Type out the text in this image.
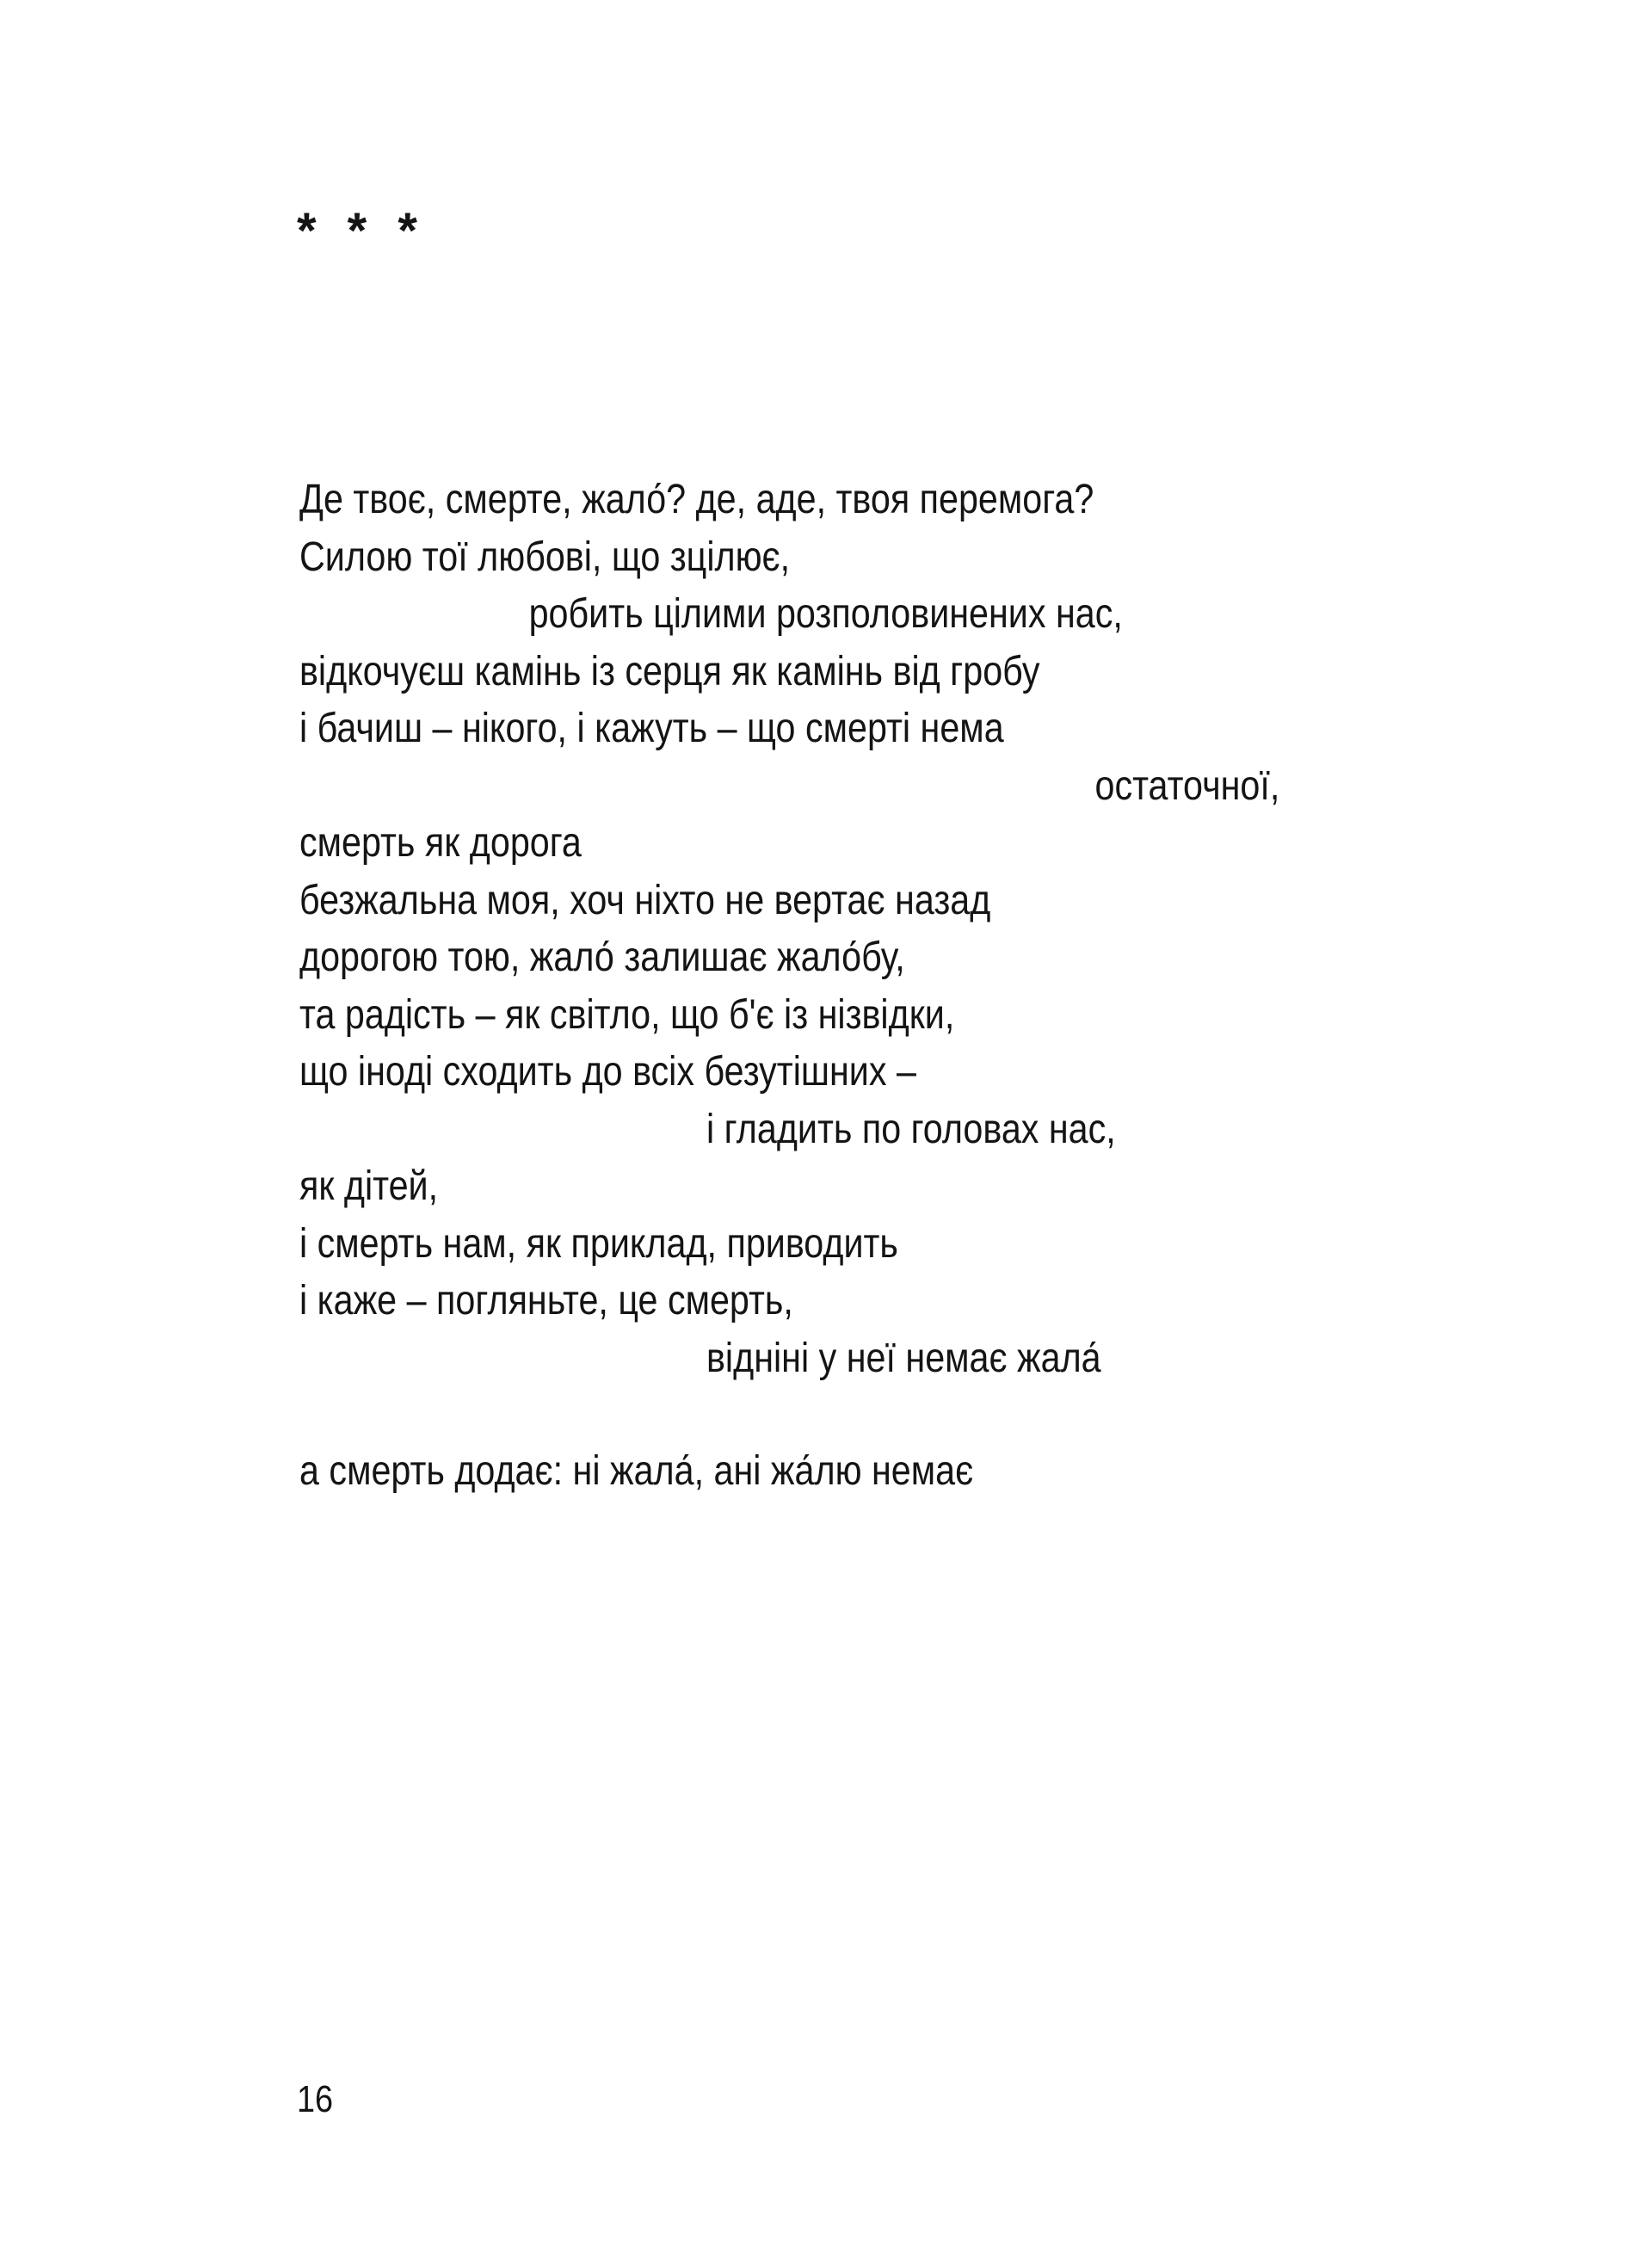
* * *
Де твоє, смерте, жало́? де, аде, твоя перемога?
Силою тої любові, що зцілює,
робить цілими розполовинених нас,
відкочуєш камінь із серця як камінь від гробу
і бачиш – нікого, і кажуть – що смерті нема
остаточної,
смерть як дорога
безжальна моя, хоч ніхто не вертає назад
дорогою тою, жало́ залишає жало́бу,
та радість – як світло, що б'є із нізвідки,
що іноді сходить до всіх безутішних –
і гладить по головах нас,
як дітей,
і смерть нам, як приклад, приводить
і каже – погляньте, це смерть,
відніні у неї немає жала́
а смерть додає: ні жала́, ані жа́лю немає
16
